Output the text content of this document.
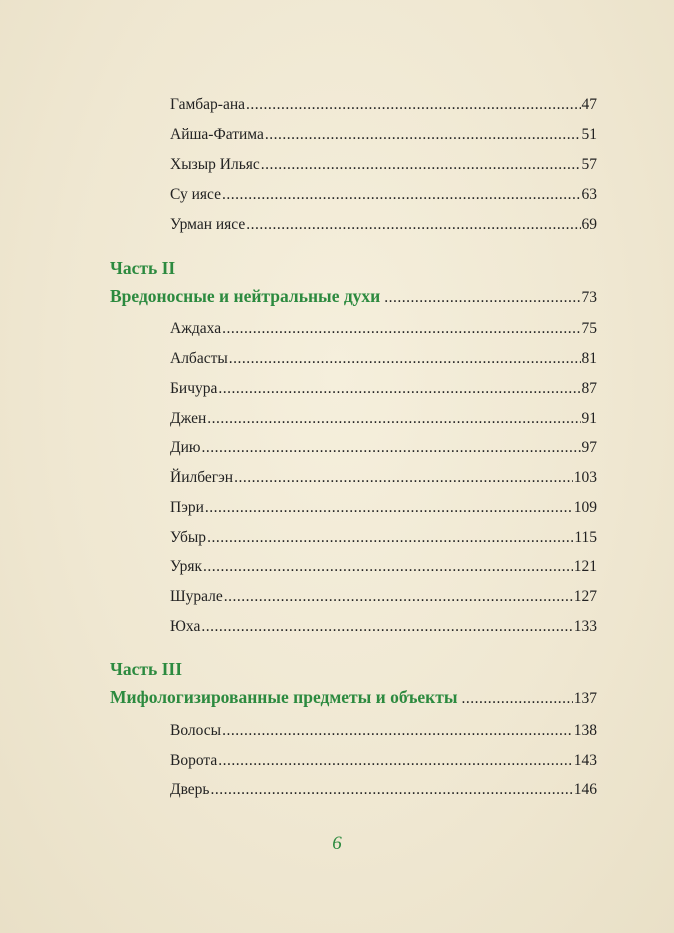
Гамбар-ана .....	47
Айша-Фатима .....	51
Хызыр Ильяс .....	57
Су иясе .....	63
Урман иясе .....	69
Часть II
Вредоносные и нейтральные духи .....	73
Аждаха .....	75
Албасты .....	81
Бичура .....	87
Джен .....	91
Дию .....	97
Йилбегэн .....	103
Пэри .....	109
Убыр .....	115
Уряк .....	121
Шурале .....	127
Юха .....	133
Часть III
Мифологизированные предметы и объекты .....	137
Волосы .....	138
Ворота .....	143
Дверь .....	146
6
